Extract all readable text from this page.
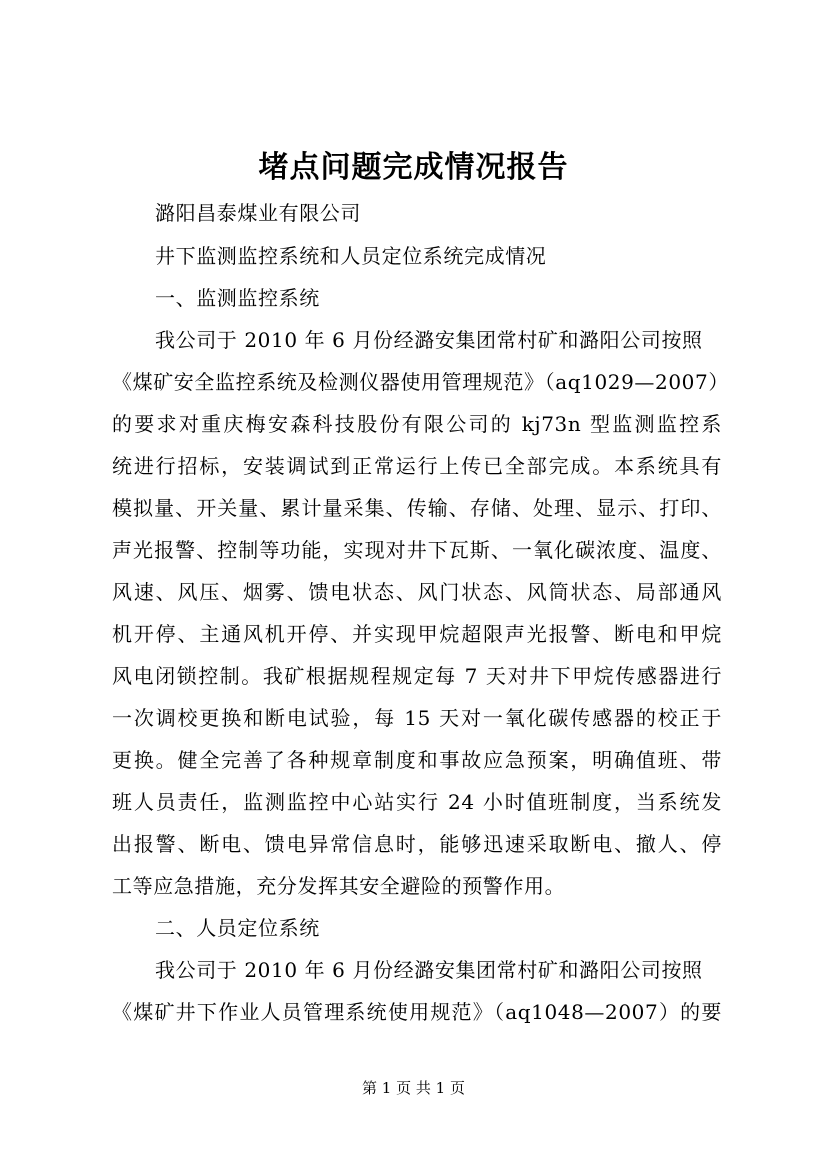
堵点问题完成情况报告
潞阳昌泰煤业有限公司
井下监测监控系统和人员定位系统完成情况
一、监测监控系统
我公司于 2010 年 6 月份经潞安集团常村矿和潞阳公司按照
《煤矿安全监控系统及检测仪器使用管理规范》（aq1029—2007）
的要求对重庆梅安森科技股份有限公司的 kj73n 型监测监控系
统进行招标，安装调试到正常运行上传已全部完成。本系统具有
模拟量、开关量、累计量采集、传输、存储、处理、显示、打印、
声光报警、控制等功能，实现对井下瓦斯、一氧化碳浓度、温度、
风速、风压、烟雾、馈电状态、风门状态、风筒状态、局部通风
机开停、主通风机开停、并实现甲烷超限声光报警、断电和甲烷
风电闭锁控制。我矿根据规程规定每 7 天对井下甲烷传感器进行
一次调校更换和断电试验，每 15 天对一氧化碳传感器的校正于
更换。健全完善了各种规章制度和事故应急预案，明确值班、带
班人员责任，监测监控中心站实行 24 小时值班制度，当系统发
出报警、断电、馈电异常信息时，能够迅速采取断电、撤人、停
工等应急措施，充分发挥其安全避险的预警作用。
二、人员定位系统
我公司于 2010 年 6 月份经潞安集团常村矿和潞阳公司按照
《煤矿井下作业人员管理系统使用规范》（aq1048—2007）的要
第 1 页 共 1 页
